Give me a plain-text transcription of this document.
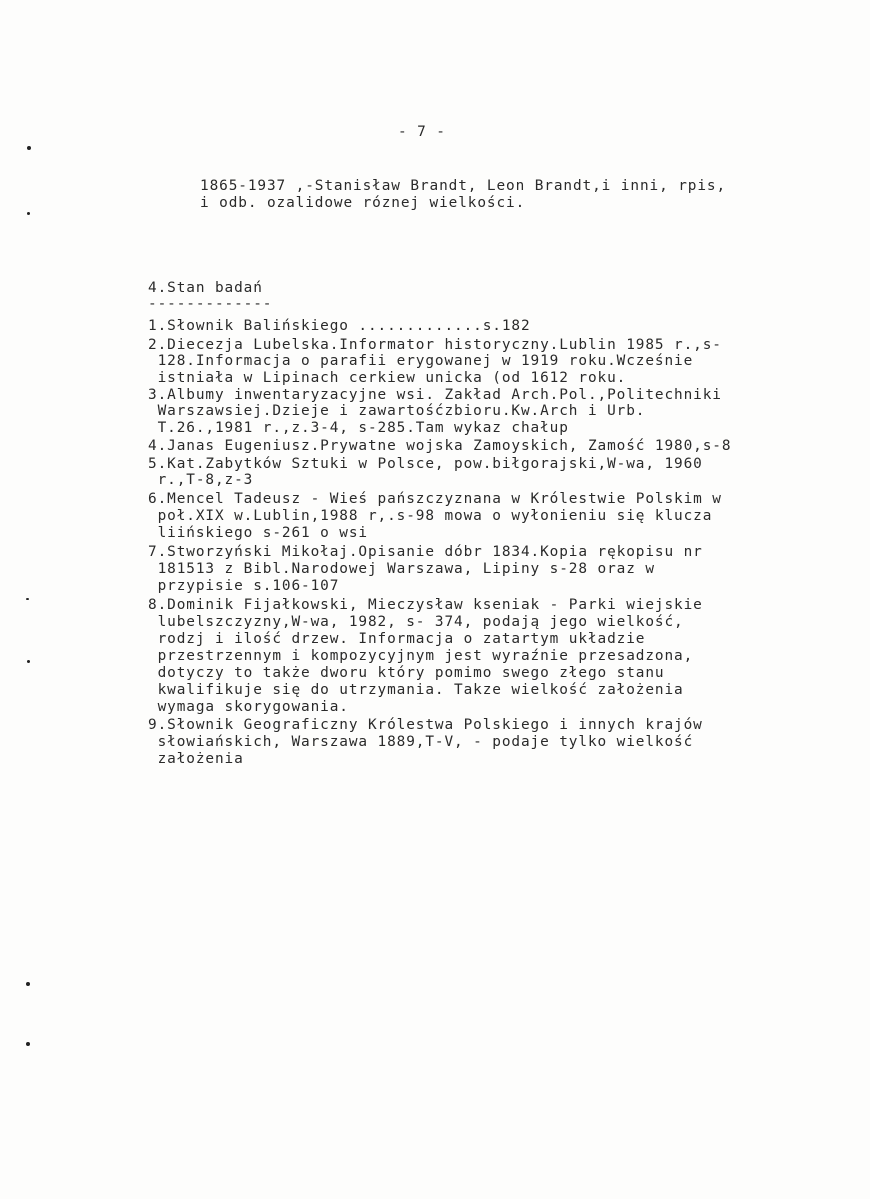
- 7 -
1865-1937 ,-Stanisław Brandt, Leon Brandt,i inni, rpis,
i odb. ozalidowe róznej wielkości.
4.Stan badań
-------------
1.Słownik Balińskiego .............s.182
2.Diecezja Lubelska.Informator historyczny.Lublin 1985 r.,s-
128.Informacja o parafii erygowanej w 1919 roku.Wcześnie
istniała w Lipinach cerkiew unicka (od 1612 roku.
3.Albumy inwentaryzacyjne wsi. Zakład Arch.Pol.,Politechniki
Warszawsiej.Dzieje i zawartośćzbioru.Kw.Arch i Urb.
T.26.,1981 r.,z.3-4, s-285.Tam wykaz chałup
4.Janas Eugeniusz.Prywatne wojska Zamoyskich, Zamość 1980,s-8
5.Kat.Zabytków Sztuki w Polsce, pow.biłgorajski,W-wa, 1960
r.,T-8,z-3
6.Mencel Tadeusz - Wieś pańszczyznana w Królestwie Polskim w
poł.XIX w.Lublin,1988 r,.s-98 mowa o wyłonieniu się klucza
liińskiego s-261 o wsi
7.Stworzyński Mikołaj.Opisanie dóbr 1834.Kopia rękopisu nr
181513 z Bibl.Narodowej Warszawa, Lipiny s-28 oraz w
przypisie s.106-107
8.Dominik Fijałkowski, Mieczysław kseniak - Parki wiejskie
lubelszczyzny,W-wa, 1982, s- 374, podają jego wielkość,
rodzj i ilość drzew. Informacja o zatartym układzie
przestrzennym i kompozycyjnym jest wyraźnie przesadzona,
dotyczy to także dworu który pomimo swego złego stanu
kwalifikuje się do utrzymania. Takze wielkość założenia
wymaga skorygowania.
9.Słownik Geograficzny Królestwa Polskiego i innych krajów
słowiańskich, Warszawa 1889,T-V, - podaje tylko wielkość
założenia
